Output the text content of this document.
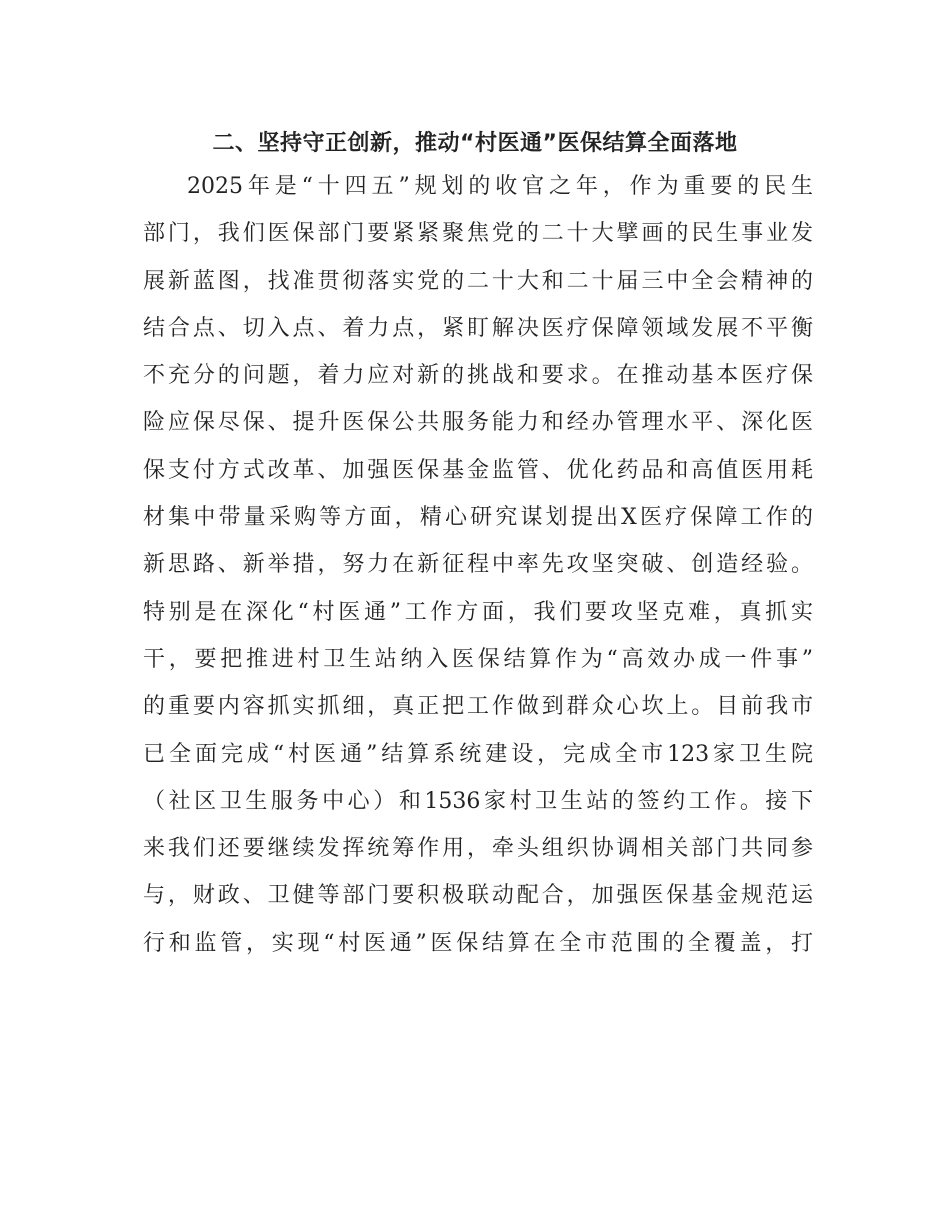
二、坚持守正创新，推动“村医通”医保结算全面落地
2025年是“十四五”规划的收官之年，作为重要的民生
部门，我们医保部门要紧紧聚焦党的二十大擘画的民生事业发
展新蓝图，找准贯彻落实党的二十大和二十届三中全会精神的
结合点、切入点、着力点，紧盯解决医疗保障领域发展不平衡
不充分的问题，着力应对新的挑战和要求。在推动基本医疗保
险应保尽保、提升医保公共服务能力和经办管理水平、深化医
保支付方式改革、加强医保基金监管、优化药品和高值医用耗
材集中带量采购等方面，精心研究谋划提出X医疗保障工作的
新思路、新举措，努力在新征程中率先攻坚突破、创造经验。
特别是在深化“村医通”工作方面，我们要攻坚克难，真抓实
干，要把推进村卫生站纳入医保结算作为“高效办成一件事”
的重要内容抓实抓细，真正把工作做到群众心坎上。目前我市
已全面完成“村医通”结算系统建设，完成全市123家卫生院
（社区卫生服务中心）和1536家村卫生站的签约工作。接下
来我们还要继续发挥统筹作用，牵头组织协调相关部门共同参
与，财政、卫健等部门要积极联动配合，加强医保基金规范运
行和监管，实现“村医通”医保结算在全市范围的全覆盖，打
